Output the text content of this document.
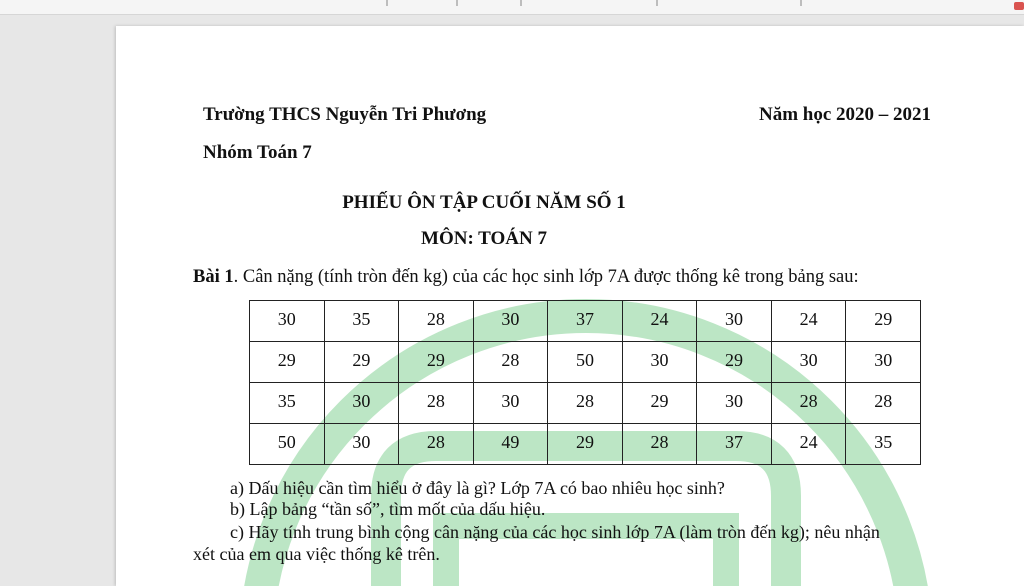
Trường THCS Nguyễn Tri Phương	Năm học 2020 – 2021
Nhóm Toán 7
PHIẾU ÔN TẬP CUỐI NĂM SỐ 1
MÔN: TOÁN 7
Bài 1. Cân nặng (tính tròn đến kg) của các học sinh lớp 7A được thống kê trong bảng sau:
30	35	28	30	37	24	30	24	29
29	29	29	28	50	30	29	30	30
35	30	28	30	28	29	30	28	28
50	30	28	49	29	28	37	24	35
a) Dấu hiệu cần tìm hiểu ở đây là gì? Lớp 7A có bao nhiêu học sinh?
b) Lập bảng “tần số”, tìm mốt của dấu hiệu.
c) Hãy tính trung bình cộng cân nặng của các học sinh lớp 7A (làm tròn đến kg); nêu nhận
xét của em qua việc thống kê trên.
